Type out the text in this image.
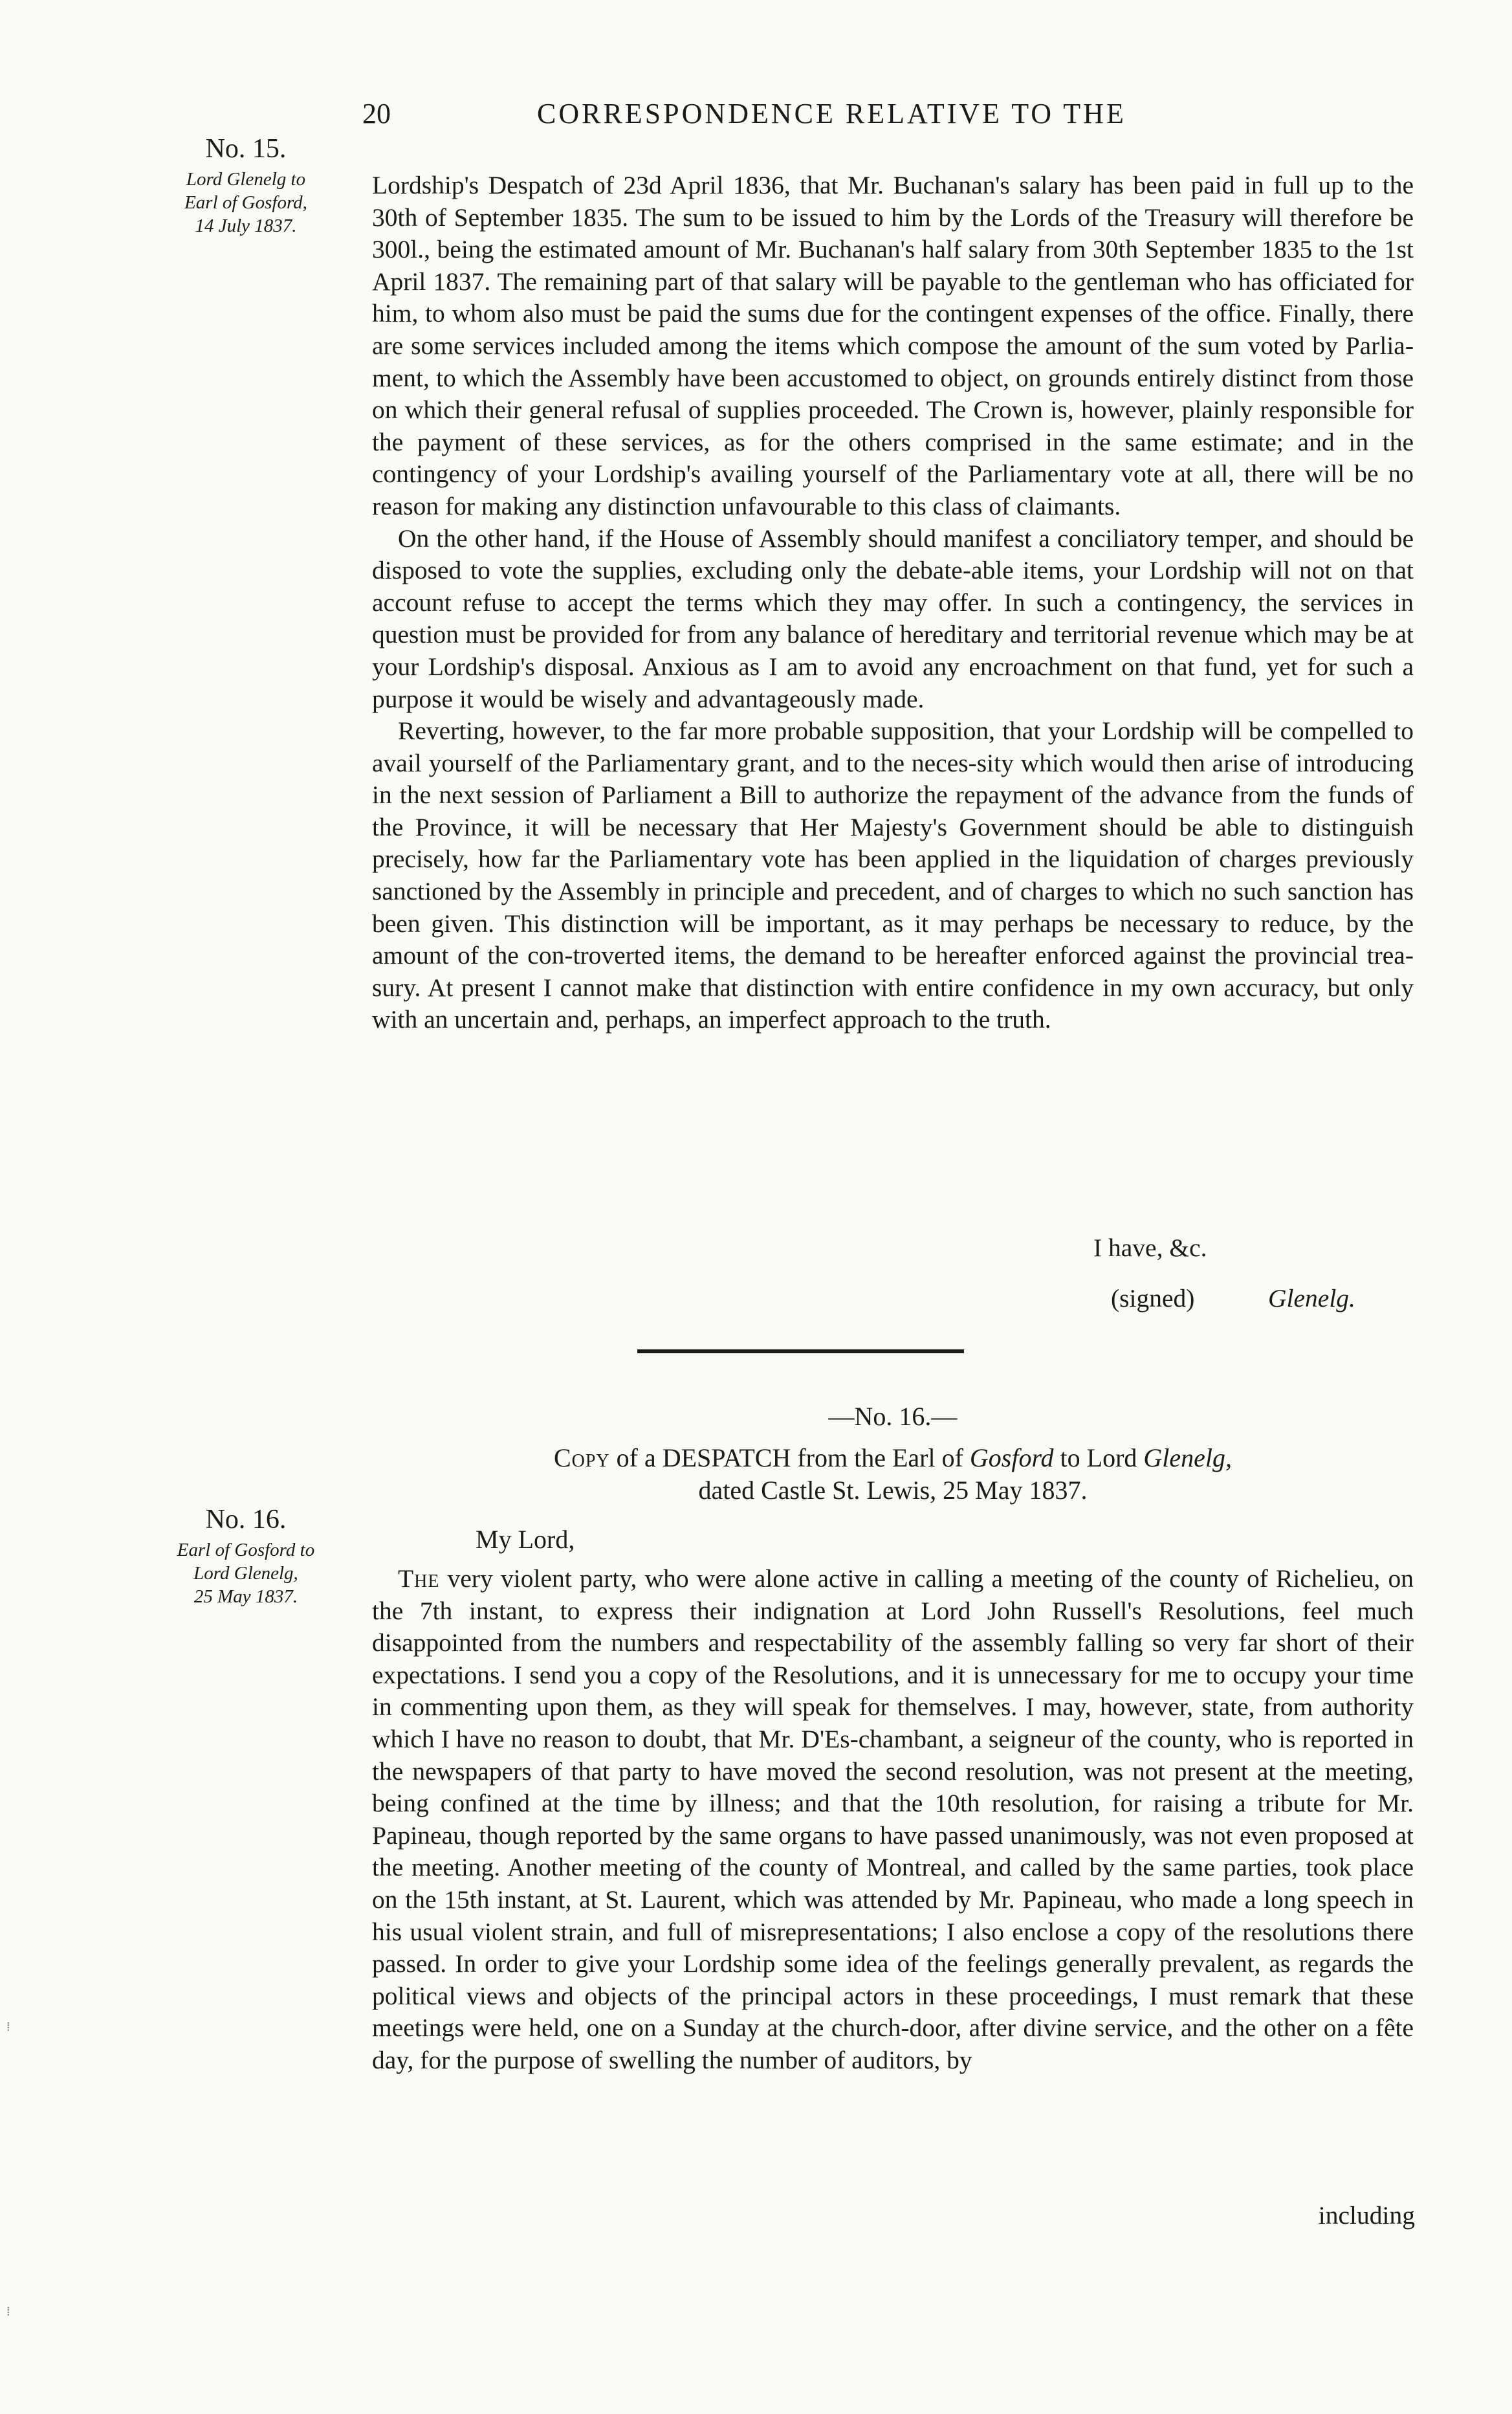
20	CORRESPONDENCE RELATIVE TO THE
No. 15.
Lord Glenelg to
Earl of Gosford,
14 July 1837.

Lordship's Despatch of 23d April 1836, that Mr. Buchanan's salary has been paid in full up to the 30th of September 1835. The sum to be issued to him by the Lords of the Treasury will therefore be 300l., being the estimated amount of Mr. Buchanan's half salary from 30th September 1835 to the 1st April 1837. The remaining part of that salary will be payable to the gentleman who has officiated for him, to whom also must be paid the sums due for the contingent expenses of the office. Finally, there are some services included among the items which compose the amount of the sum voted by Parlia-ment, to which the Assembly have been accustomed to object, on grounds entirely distinct from those on which their general refusal of supplies proceeded. The Crown is, however, plainly responsible for the payment of these services, as for the others comprised in the same estimate; and in the contingency of your Lordship's availing yourself of the Parliamentary vote at all, there will be no reason for making any distinction unfavourable to this class of claimants.

On the other hand, if the House of Assembly should manifest a conciliatory temper, and should be disposed to vote the supplies, excluding only the debate-able items, your Lordship will not on that account refuse to accept the terms which they may offer. In such a contingency, the services in question must be provided for from any balance of hereditary and territorial revenue which may be at your Lordship's disposal. Anxious as I am to avoid any encroachment on that fund, yet for such a purpose it would be wisely and advantageously made.

Reverting, however, to the far more probable supposition, that your Lordship will be compelled to avail yourself of the Parliamentary grant, and to the neces-sity which would then arise of introducing in the next session of Parliament a Bill to authorize the repayment of the advance from the funds of the Province, it will be necessary that Her Majesty's Government should be able to distinguish precisely, how far the Parliamentary vote has been applied in the liquidation of charges previously sanctioned by the Assembly in principle and precedent, and of charges to which no such sanction has been given. This distinction will be important, as it may perhaps be necessary to reduce, by the amount of the con-troverted items, the demand to be hereafter enforced against the provincial trea-sury. At present I cannot make that distinction with entire confidence in my own accuracy, but only with an uncertain and, perhaps, an imperfect approach to the truth.

I have, &c.
(signed)	Glenelg.
—No. 16.—
Copy of a DESPATCH from the Earl of Gosford to Lord Glenelg,
dated Castle St. Lewis, 25 May 1837.
No. 16.
Earl of Gosford to
Lord Glenelg,
25 May 1837.
My Lord,

The very violent party, who were alone active in calling a meeting of the county of Richelieu, on the 7th instant, to express their indignation at Lord John Russell's Resolutions, feel much disappointed from the numbers and respectability of the assembly falling so very far short of their expectations. I send you a copy of the Resolutions, and it is unnecessary for me to occupy your time in commenting upon them, as they will speak for themselves. I may, however, state, from authority which I have no reason to doubt, that Mr. D'Es-chambant, a seigneur of the county, who is reported in the newspapers of that party to have moved the second resolution, was not present at the meeting, being confined at the time by illness; and that the 10th resolution, for raising a tribute for Mr. Papineau, though reported by the same organs to have passed unanimously, was not even proposed at the meeting. Another meeting of the county of Montreal, and called by the same parties, took place on the 15th instant, at St. Laurent, which was attended by Mr. Papineau, who made a long speech in his usual violent strain, and full of misrepresentations; I also enclose a copy of the resolutions there passed. In order to give your Lordship some idea of the feelings generally prevalent, as regards the political views and objects of the principal actors in these proceedings, I must remark that these meetings were held, one on a Sunday at the church-door, after divine service, and the other on a fête day, for the purpose of swelling the number of auditors, by

including
⁞
⁞
